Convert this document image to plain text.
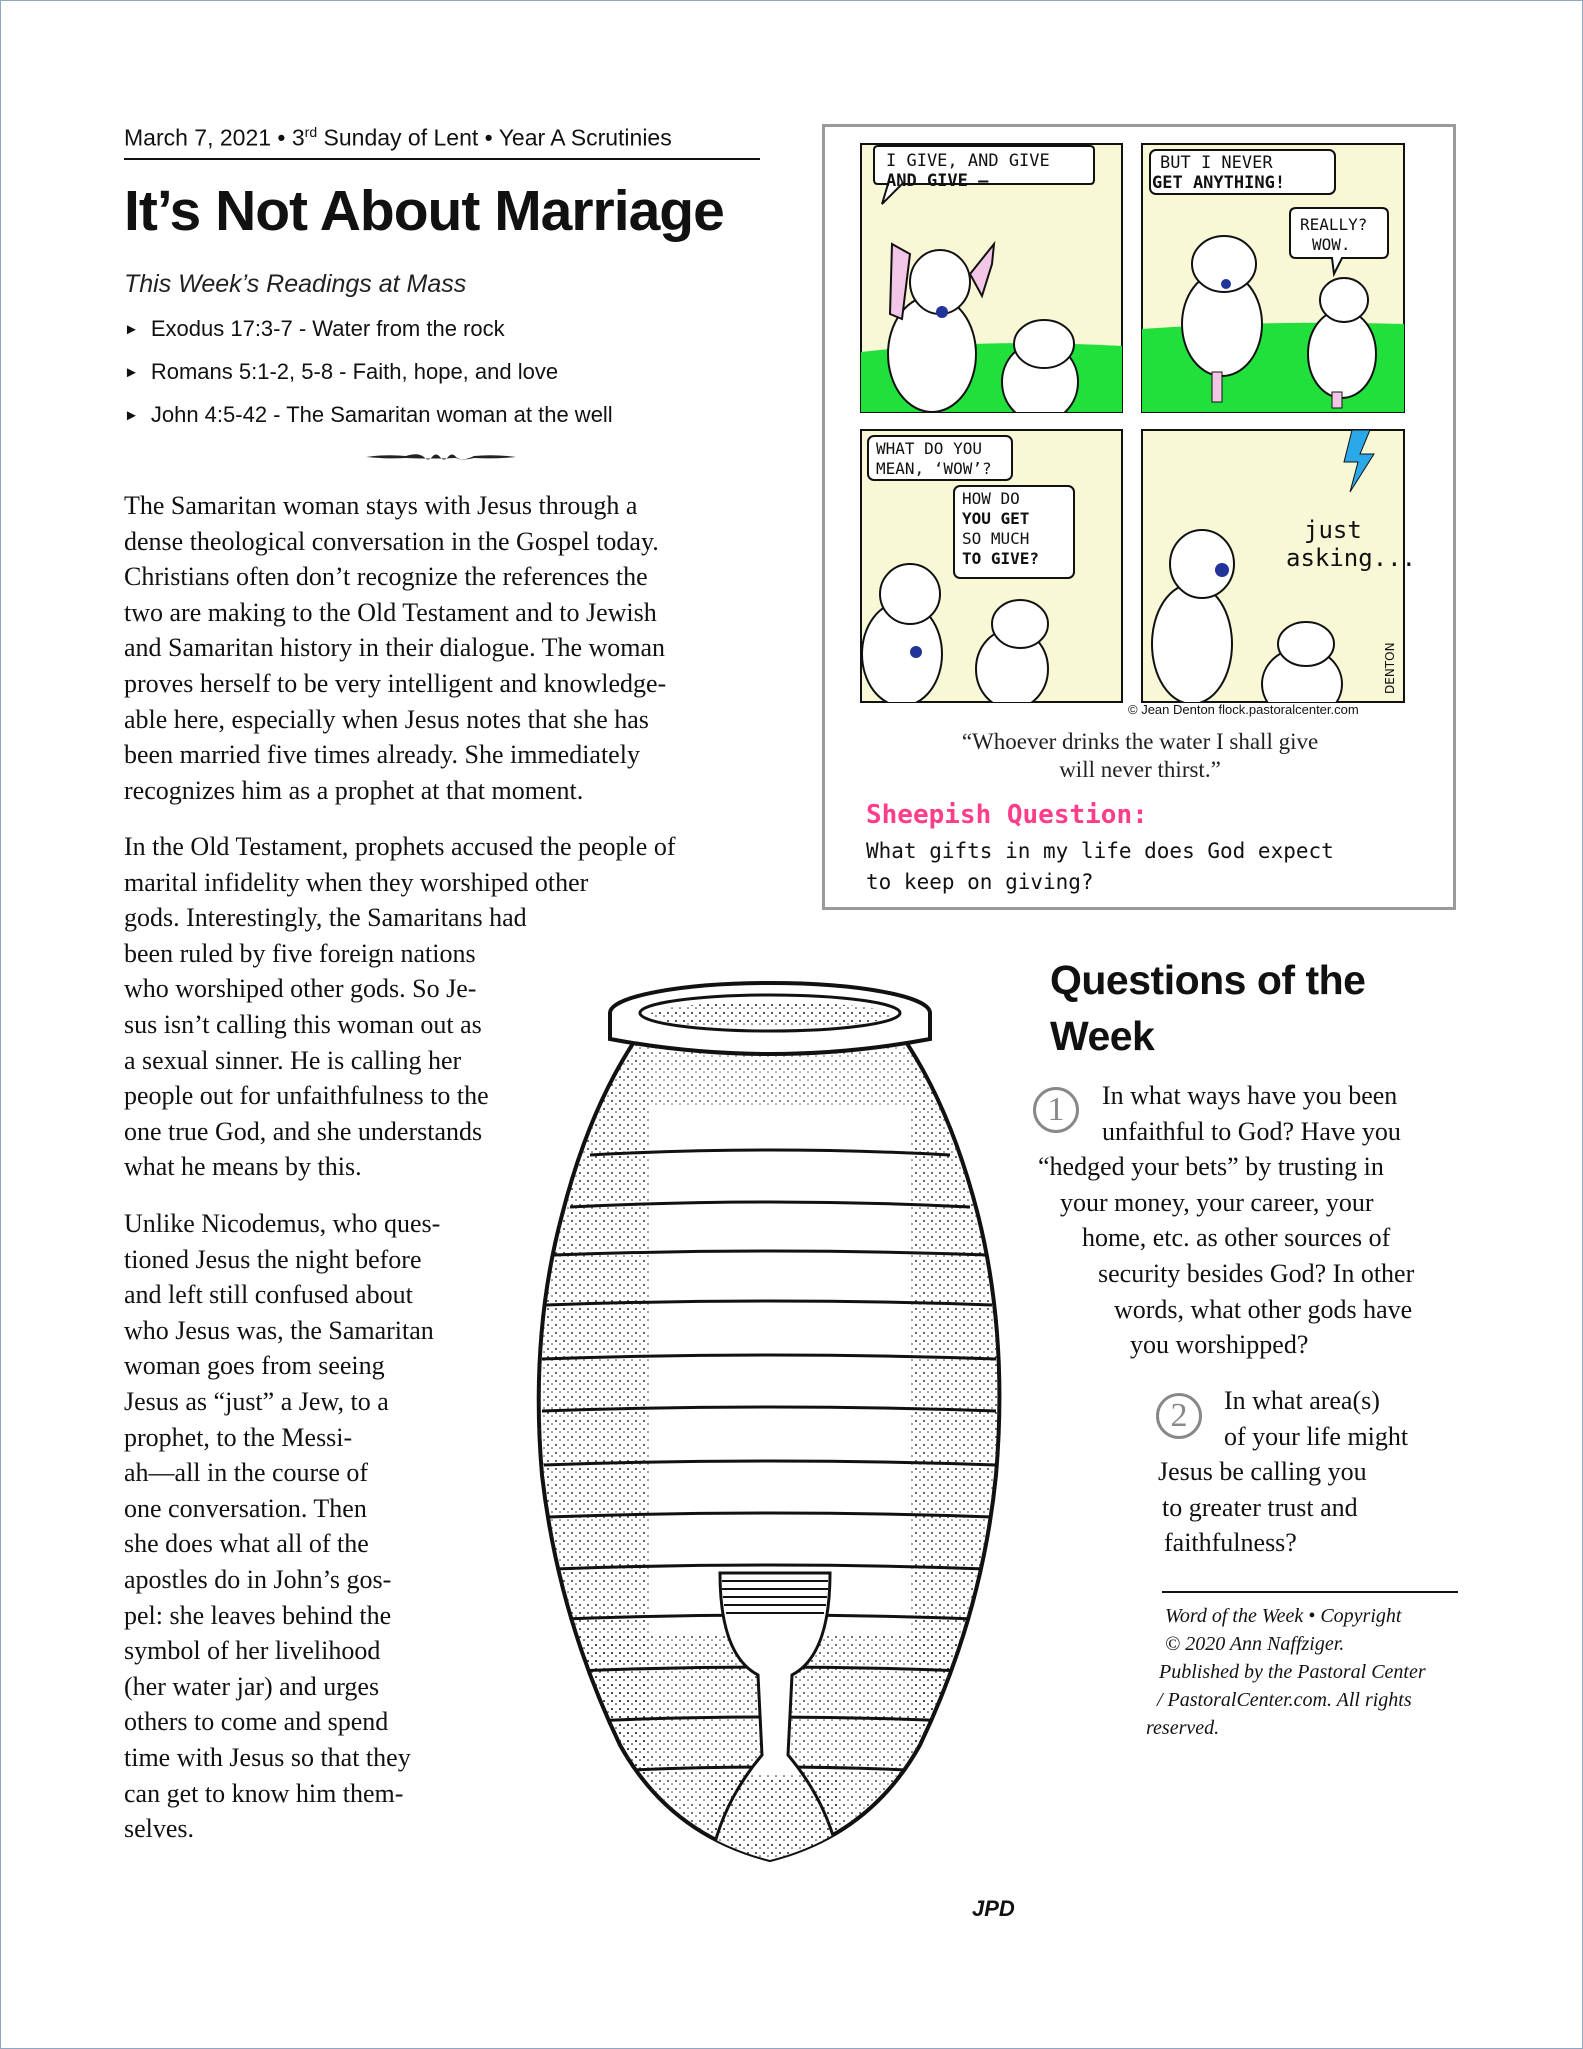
March 7, 2021 • 3rd Sunday of Lent • Year A Scrutinies
It’s Not About Marriage
This Week’s Readings at Mass
► Exodus 17:3-7 - Water from the rock
► Romans 5:1-2, 5-8 - Faith, hope, and love
► John 4:5-42 - The Samaritan woman at the well
The Samaritan woman stays with Jesus through a
dense theological conversation in the Gospel today.
Christians often don’t recognize the references the
two are making to the Old Testament and to Jewish
and Samaritan history in their dialogue. The woman
proves herself to be very intelligent and knowledge-
able here, especially when Jesus notes that she has
been married five times already. She immediately
recognizes him as a prophet at that moment.
In the Old Testament, prophets accused the people of
marital infidelity when they worshiped other
gods. Interestingly, the Samaritans had
been ruled by five foreign nations
who worshiped other gods. So Je-
sus isn’t calling this woman out as
a sexual sinner. He is calling her
people out for unfaithfulness to the
one true God, and she understands
what he means by this.
Unlike Nicodemus, who ques-
tioned Jesus the night before
and left still confused about
who Jesus was, the Samaritan
woman goes from seeing
Jesus as “just” a Jew, to a
prophet, to the Messi-
ah—all in the course of
one conversation. Then
she does what all of the
apostles do in John’s gos-
pel: she leaves behind the
symbol of her livelihood
(her water jar) and urges
others to come and spend
time with Jesus so that they
can get to know him them-
selves.
I GIVE, AND GIVE
AND GIVE –
BUT I NEVER
GET ANYTHING!
REALLY?
WOW.
WHAT DO YOU
MEAN, ‘WOW’?
HOW DO
YOU GET
SO MUCH
TO GIVE?
just
asking...
DENTON
© Jean Denton flock.pastoralcenter.com
“Whoever drinks the water I shall give
will never thirst.”
Sheepish Question:
What gifts in my life does God expect
to keep on giving?
JPD
Questions of the
Week
1	In what ways have you been
unfaithful to God? Have you
“hedged your bets” by trusting in
your money, your career, your
home, etc. as other sources of
security besides God? In other
words, what other gods have
you worshipped?
2	In what area(s)
of your life might
Jesus be calling you
to greater trust and
faithfulness?
Word of the Week • Copyright
© 2020 Ann Naffziger.
Published by the Pastoral Center
/ PastoralCenter.com. All rights
reserved.
